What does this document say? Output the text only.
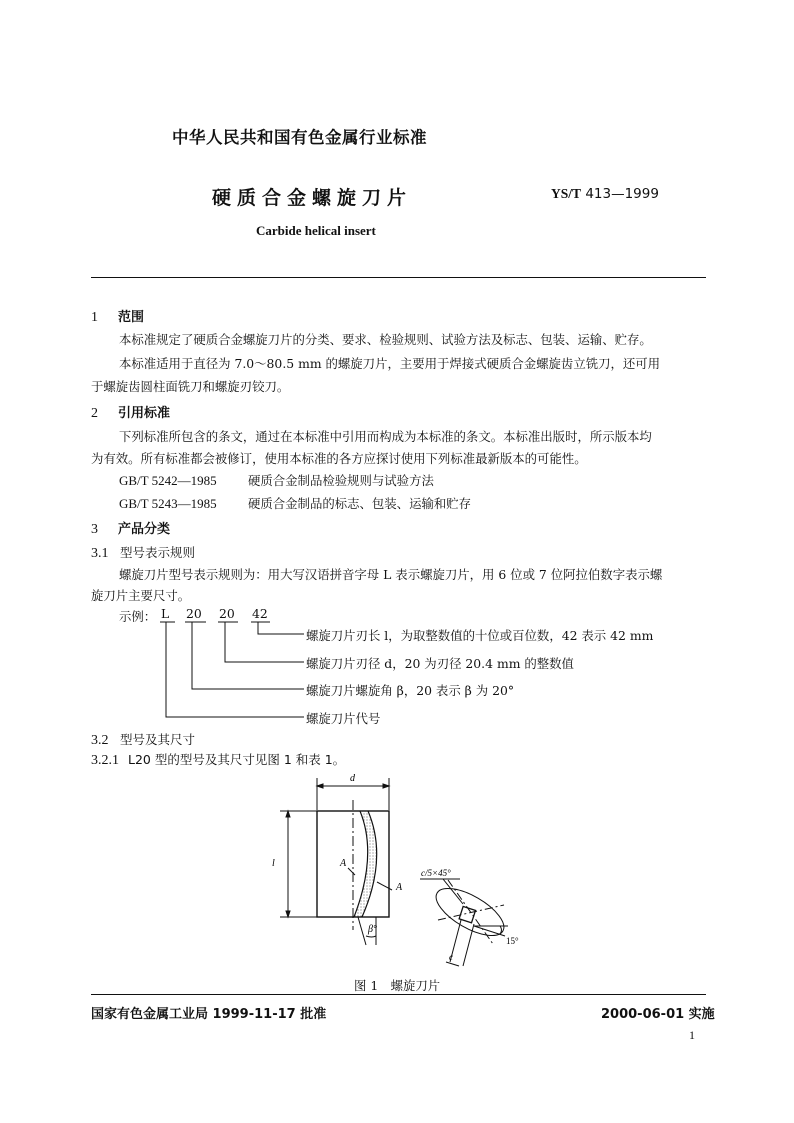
中华人民共和国有色金属行业标准
硬质合金螺旋刀片	YS/T 413—1999
Carbide helical insert
1 范围
本标准规定了硬质合金螺旋刀片的分类、要求、检验规则、试验方法及标志、包装、运输、贮存。
本标准适用于直径为 7.0～80.5 mm 的螺旋刀片，主要用于焊接式硬质合金螺旋齿立铣刀，还可用
于螺旋齿圆柱面铣刀和螺旋刃铰刀。
2 引用标准
下列标准所包含的条文，通过在本标准中引用而构成为本标准的条文。本标准出版时，所示版本均
为有效。所有标准都会被修订，使用本标准的各方应探讨使用下列标准最新版本的可能性。
GB/T 5242—1985	硬质合金制品检验规则与试验方法
GB/T 5243—1985	硬质合金制品的标志、包装、运输和贮存
3 产品分类
3.1 型号表示规则
螺旋刀片型号表示规则为：用大写汉语拼音字母 L 表示螺旋刀片，用 6 位或 7 位阿拉伯数字表示螺
旋刀片主要尺寸。
示例： L 20 20 42
螺旋刀片刃长 l，为取整数值的十位或百位数，42 表示 42 mm
螺旋刀片刃径 d，20 为刃径 20.4 mm 的整数值
螺旋刀片螺旋角 β，20 表示 β 为 20°
螺旋刀片代号
3.2 型号及其尺寸
3.2.1 L20 型的型号及其尺寸见图 1 和表 1。
d
l	A
A
β°
c/5×45°
15°
c
图 1　螺旋刀片
国家有色金属工业局 1999-11-17 批准	2000-06-01 实施
1
